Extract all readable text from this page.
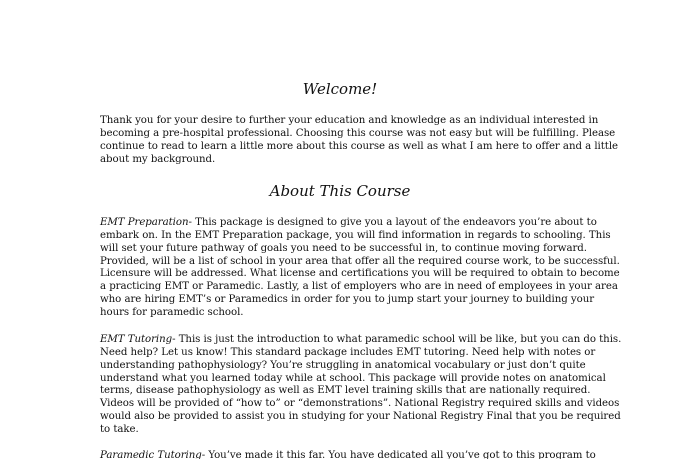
Welcome!

Thank you for your desire to further your education and knowledge as an individual interested in
becoming a pre-hospital professional. Choosing this course was not easy but will be fulfilling. Please
continue to read to learn a little more about this course as well as what I am here to offer and a little
about my background.

About This Course

EMT Preparation- This package is designed to give you a layout of the endeavors you’re about to
embark on. In the EMT Preparation package, you will find information in regards to schooling. This
will set your future pathway of goals you need to be successful in, to continue moving forward.
Provided, will be a list of school in your area that offer all the required course work, to be successful.
Licensure will be addressed. What license and certifications you will be required to obtain to become
a practicing EMT or Paramedic. Lastly, a list of employers who are in need of employees in your area
who are hiring EMT’s or Paramedics in order for you to jump start your journey to building your
hours for paramedic school.

EMT Tutoring- This is just the introduction to what paramedic school will be like, but you can do this.
Need help? Let us know! This standard package includes EMT tutoring. Need help with notes or
understanding pathophysiology? You’re struggling in anatomical vocabulary or just don’t quite
understand what you learned today while at school. This package will provide notes on anatomical
terms, disease pathophysiology as well as EMT level training skills that are nationally required.
Videos will be provided of “how to” or “demonstrations”. National Registry required skills and videos
would also be provided to assist you in studying for your National Registry Final that you be required
to take.

Paramedic Tutoring- You’ve made it this far. You have dedicated all you’ve got to this program to
